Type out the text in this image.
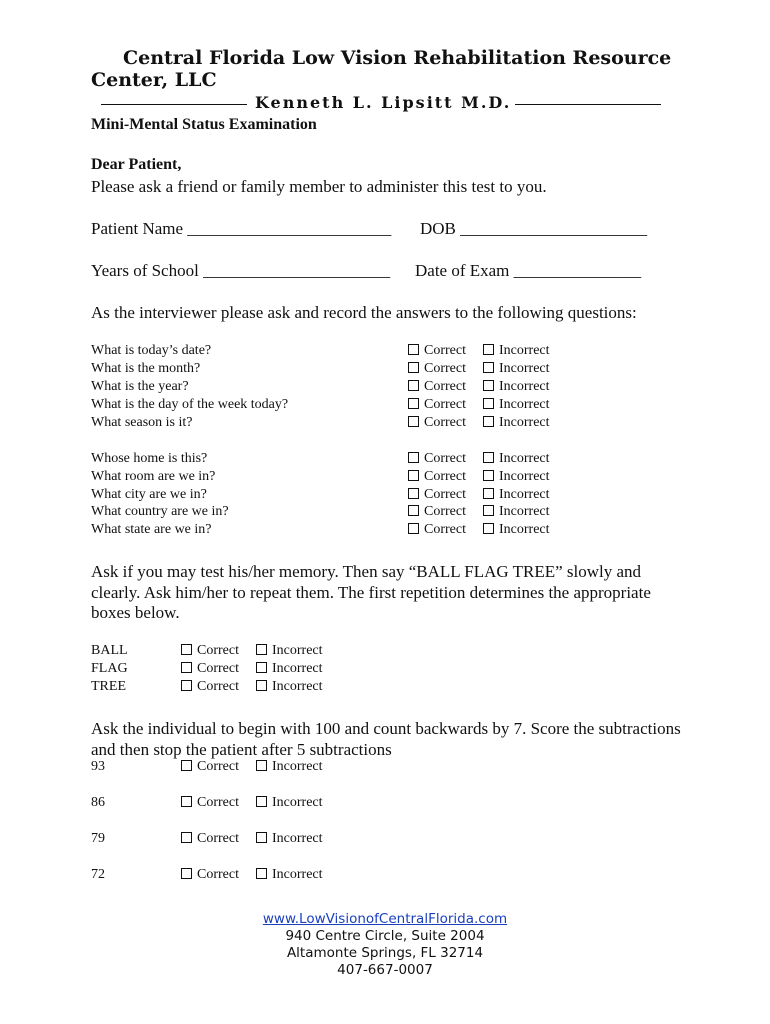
Central Florida Low Vision Rehabilitation Resource Center, LLC
Kenneth L. Lipsitt M.D.
Mini-Mental Status Examination
Dear Patient,
Please ask a friend or family member to administer this test to you.
Patient Name ________________________ DOB ______________________
Years of School ______________________ Date of Exam _______________
As the interviewer please ask and record the answers to the following questions:
What is today’s date?	Correct	Incorrect
What is the month?	Correct	Incorrect
What is the year?	Correct	Incorrect
What is the day of the week today?	Correct	Incorrect
What season is it?	Correct	Incorrect
Whose home is this?	Correct	Incorrect
What room are we in?	Correct	Incorrect
What city are we in?	Correct	Incorrect
What country are we in?	Correct	Incorrect
What state are we in?	Correct	Incorrect
Ask if you may test his/her memory. Then say “BALL FLAG TREE” slowly and clearly. Ask him/her to repeat them. The first repetition determines the appropriate boxes below.
BALL	Correct	Incorrect
FLAG	Correct	Incorrect
TREE	Correct	Incorrect
Ask the individual to begin with 100 and count backwards by 7. Score the subtractions and then stop the patient after 5 subtractions
93	Correct	Incorrect
86	Correct	Incorrect
79	Correct	Incorrect
72	Correct	Incorrect
www.LowVisionofCentralFlorida.com
940 Centre Circle, Suite 2004
Altamonte Springs, FL 32714
407-667-0007
